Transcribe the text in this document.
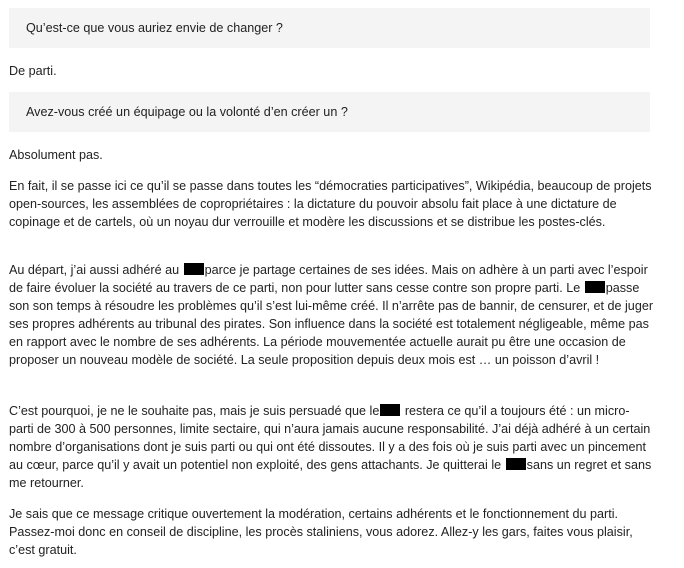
Qu’est-ce que vous auriez envie de changer ?

De parti.

Avez-vous créé un équipage ou la volonté d’en créer un ?

Absolument pas.

En fait, il se passe ici ce qu’il se passe dans toutes les “démocraties participatives”, Wikipédia, beaucoup de projets open-sources, les assemblées de copropriétaires : la dictature du pouvoir absolu fait place à une dictature de copinage et de cartels, où un noyau dur verrouille et modère les discussions et se distribue les postes-clés.

Au départ, j’ai aussi adhéré au parce je partage certaines de ses idées. Mais on adhère à un parti avec l’espoir de faire évoluer la société au travers de ce parti, non pour lutter sans cesse contre son propre parti. Le passe son son temps à résoudre les problèmes qu’il s’est lui-même créé. Il n’arrête pas de bannir, de censurer, et de juger ses propres adhérents au tribunal des pirates. Son influence dans la société est totalement négligeable, même pas en rapport avec le nombre de ses adhérents. La période mouvementée actuelle aurait pu être une occasion de proposer un nouveau modèle de société. La seule proposition depuis deux mois est … un poisson d’avril !

C’est pourquoi, je ne le souhaite pas, mais je suis persuadé que le restera ce qu’il a toujours été : un micro-parti de 300 à 500 personnes, limite sectaire, qui n’aura jamais aucune responsabilité. J’ai déjà adhéré à un certain nombre d’organisations dont je suis parti ou qui ont été dissoutes. Il y a des fois où je suis parti avec un pincement au cœur, parce qu’il y avait un potentiel non exploité, des gens attachants. Je quitterai le sans un regret et sans me retourner.

Je sais que ce message critique ouvertement la modération, certains adhérents et le fonctionnement du parti. Passez-moi donc en conseil de discipline, les procès staliniens, vous adorez. Allez-y les gars, faites vous plaisir, c’est gratuit.
